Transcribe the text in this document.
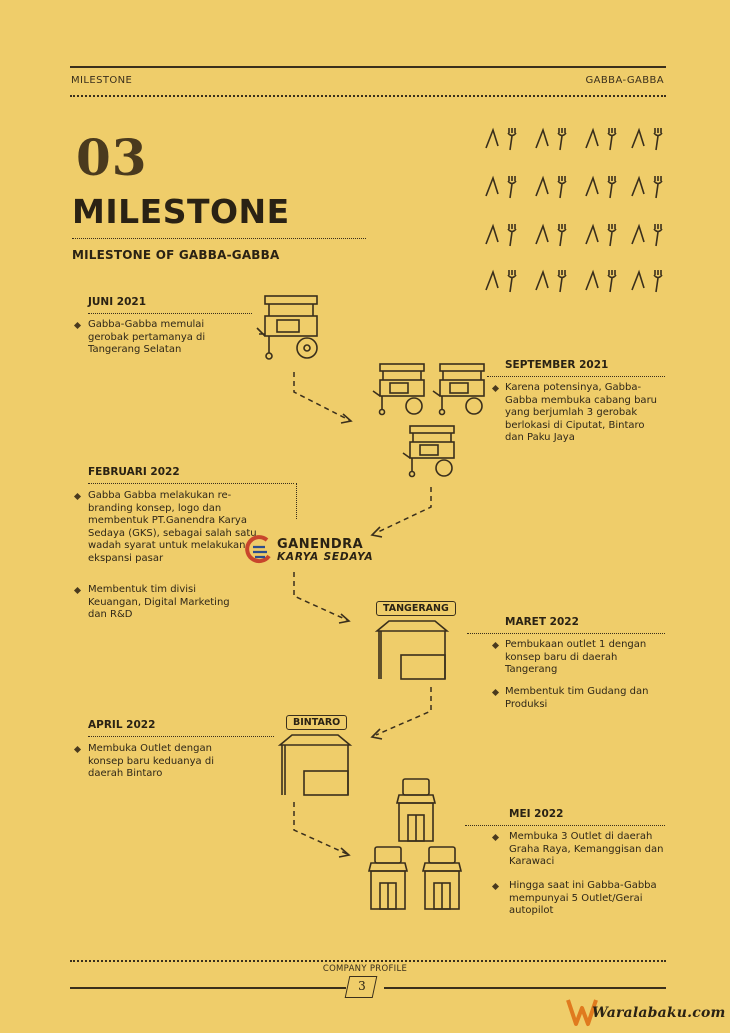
MILESTONE	GABBA-GABBA
03
MILESTONE
MILESTONE OF GABBA-GABBA
JUNI 2021
Gabba-Gabba memulai gerobak pertamanya di Tangerang Selatan
SEPTEMBER 2021
Karena potensinya, Gabba-Gabba membuka cabang baru yang berjumlah 3 gerobak berlokasi di Ciputat, Bintaro dan Paku Jaya
FEBRUARI 2022
Gabba Gabba melakukan re-branding konsep, logo dan membentuk PT.Ganendra Karya Sedaya (GKS), sebagai salah satu wadah syarat untuk melakukan ekspansi pasar
Membentuk tim divisi Keuangan, Digital Marketing dan R&D
GANENDRA
KARYA SEDAYA
TANGERANG
MARET 2022
Pembukaan outlet 1 dengan konsep baru di daerah Tangerang
Membentuk tim Gudang dan Produksi
APRIL 2022
Membuka Outlet dengan konsep baru keduanya di daerah Bintaro
BINTARO
MEI 2022
Membuka 3 Outlet di daerah Graha Raya, Kemanggisan dan Karawaci
Hingga saat ini Gabba-Gabba mempunyai 5 Outlet/Gerai autopilot
COMPANY PROFILE
3
Waralabaku.com
